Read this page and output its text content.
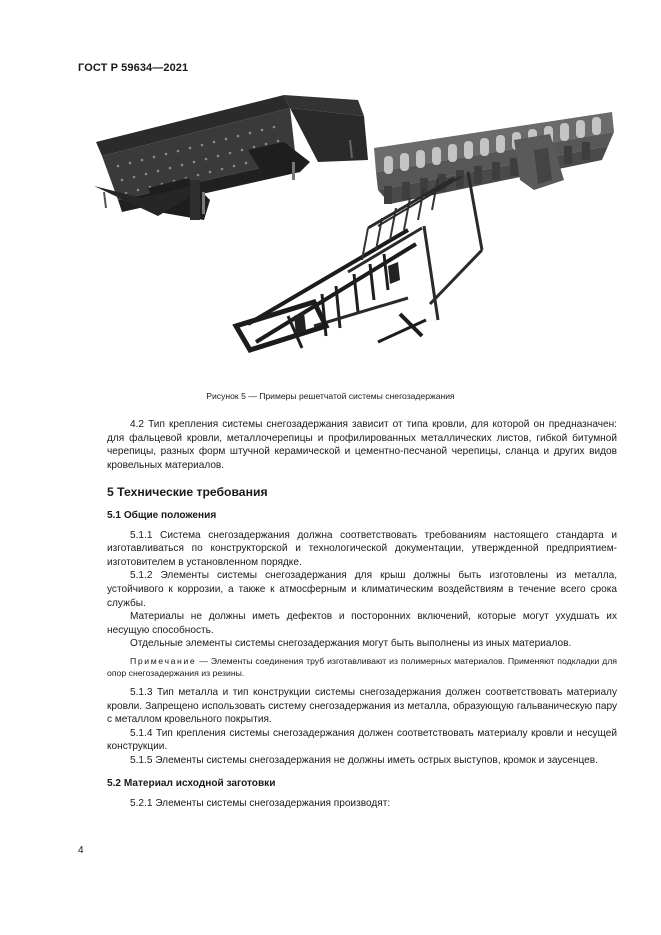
ГОСТ Р 59634—2021
Рисунок 5 — Примеры решетчатой системы снегозадержания

4.2 Тип крепления системы снегозадержания зависит от типа кровли, для которой он предназначен: для фальцевой кровли, металлочерепицы и профилированных металлических листов, гибкой битумной черепицы, разных форм штучной керамической и цементно-песчаной черепицы, сланца и других видов кровельных материалов.

5 Технические требования
5.1 Общие положения

5.1.1 Система снегозадержания должна соответствовать требованиям настоящего стандарта и изготавливаться по конструкторской и технологической документации, утвержденной предприятием-изготовителем в установленном порядке.

5.1.2 Элементы системы снегозадержания для крыш должны быть изготовлены из металла, устойчивого к коррозии, а также к атмосферным и климатическим воздействиям в течение всего срока службы.

Материалы не должны иметь дефектов и посторонних включений, которые могут ухудшать их несущую способность.

Отдельные элементы системы снегозадержания могут быть выполнены из иных материалов.

Примечание — Элементы соединения труб изготавливают из полимерных материалов. Применяют подкладки для опор снегозадержания из резины.

5.1.3 Тип металла и тип конструкции системы снегозадержания должен соответствовать материалу кровли. Запрещено использовать систему снегозадержания из металла, образующую гальваническую пару с металлом кровельного покрытия.

5.1.4 Тип крепления системы снегозадержания должен соответствовать материалу кровли и несущей конструкции.

5.1.5 Элементы системы снегозадержания не должны иметь острых выступов, кромок и заусенцев.

5.2 Материал исходной заготовки

5.2.1 Элементы системы снегозадержания производят:

4
